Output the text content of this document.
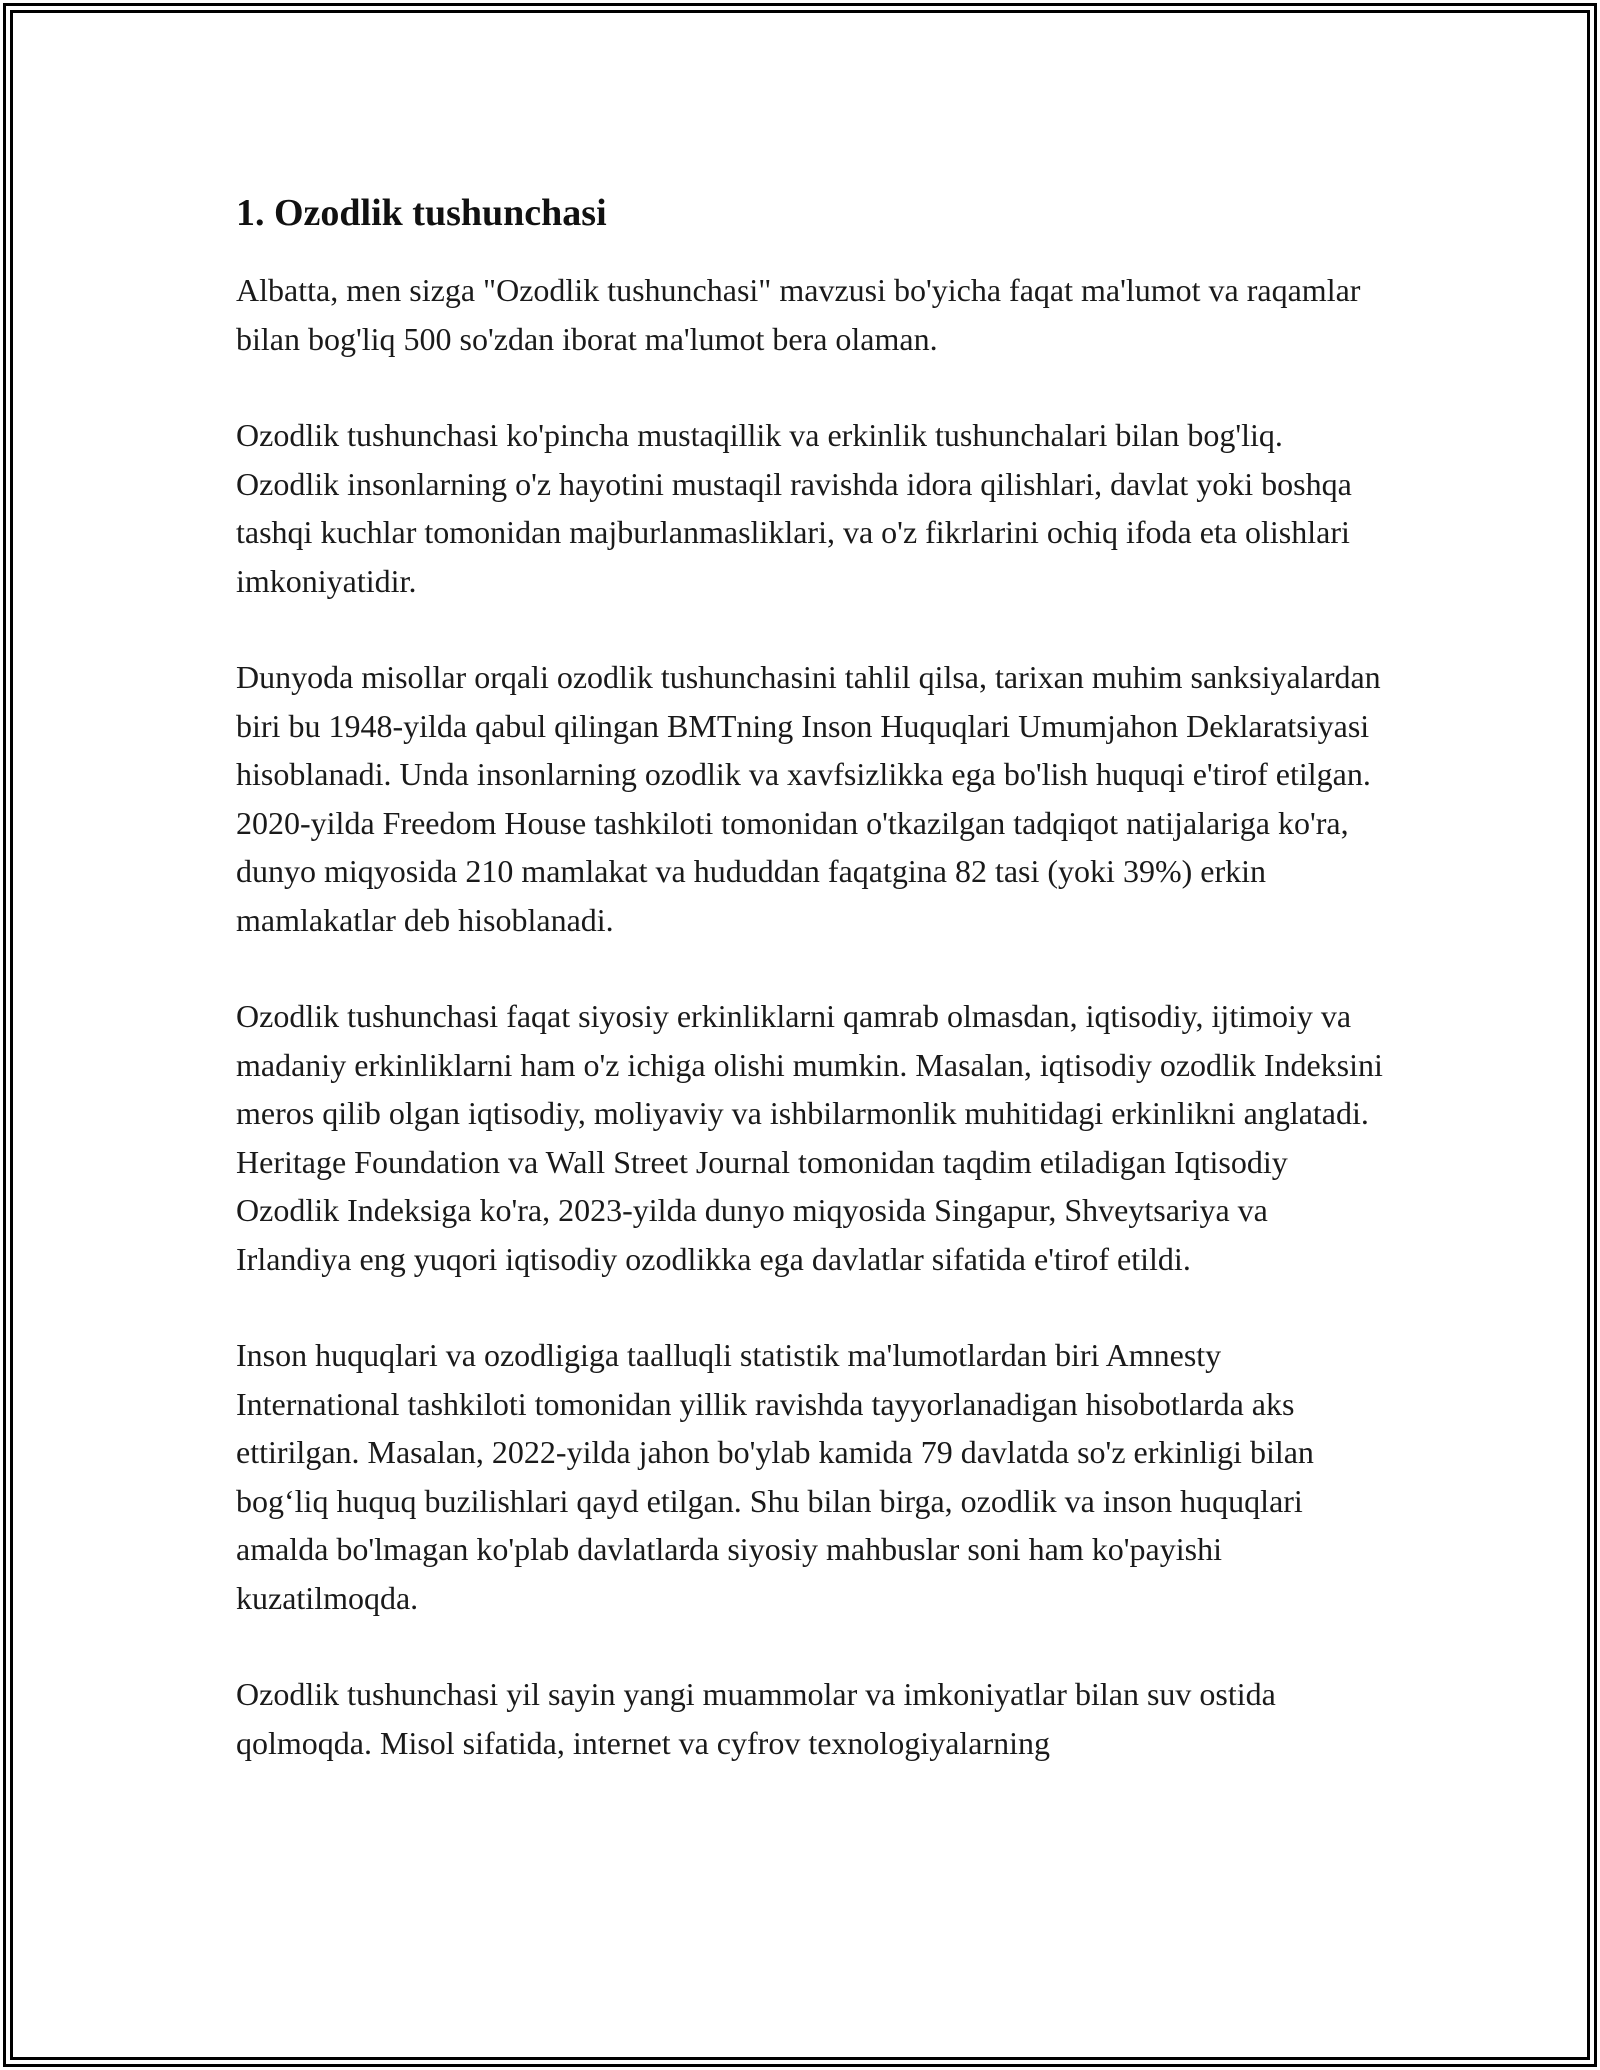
1. Ozodlik tushunchasi

Albatta, men sizga "Ozodlik tushunchasi" mavzusi bo'yicha faqat ma'lumot va raqamlar bilan bog'liq 500 so'zdan iborat ma'lumot bera olaman.

Ozodlik tushunchasi ko'pincha mustaqillik va erkinlik tushunchalari bilan bog'liq. Ozodlik insonlarning o'z hayotini mustaqil ravishda idora qilishlari, davlat yoki boshqa tashqi kuchlar tomonidan majburlanmasliklari, va o'z fikrlarini ochiq ifoda eta olishlari imkoniyatidir.

Dunyoda misollar orqali ozodlik tushunchasini tahlil qilsa, tarixan muhim sanksiyalardan biri bu 1948-yilda qabul qilingan BMTning Inson Huquqlari Umumjahon Deklaratsiyasi hisoblanadi. Unda insonlarning ozodlik va xavfsizlikka ega bo'lish huquqi e'tirof etilgan. 2020-yilda Freedom House tashkiloti tomonidan o'tkazilgan tadqiqot natijalariga ko'ra, dunyo miqyosida 210 mamlakat va hududdan faqatgina 82 tasi (yoki 39%) erkin mamlakatlar deb hisoblanadi.

Ozodlik tushunchasi faqat siyosiy erkinliklarni qamrab olmasdan, iqtisodiy, ijtimoiy va madaniy erkinliklarni ham o'z ichiga olishi mumkin. Masalan, iqtisodiy ozodlik Indeksini meros qilib olgan iqtisodiy, moliyaviy va ishbilarmonlik muhitidagi erkinlikni anglatadi. Heritage Foundation va Wall Street Journal tomonidan taqdim etiladigan Iqtisodiy Ozodlik Indeksiga ko'ra, 2023-yilda dunyo miqyosida Singapur, Shveytsariya va Irlandiya eng yuqori iqtisodiy ozodlikka ega davlatlar sifatida e'tirof etildi.

Inson huquqlari va ozodligiga taalluqli statistik ma'lumotlardan biri Amnesty International tashkiloti tomonidan yillik ravishda tayyorlanadigan hisobotlarda aks ettirilgan. Masalan, 2022-yilda jahon bo'ylab kamida 79 davlatda so'z erkinligi bilan bog‘liq huquq buzilishlari qayd etilgan. Shu bilan birga, ozodlik va inson huquqlari amalda bo'lmagan ko'plab davlatlarda siyosiy mahbuslar soni ham ko'payishi kuzatilmoqda.

Ozodlik tushunchasi yil sayin yangi muammolar va imkoniyatlar bilan suv ostida qolmoqda. Misol sifatida, internet va cyfrov texnologiyalarning
